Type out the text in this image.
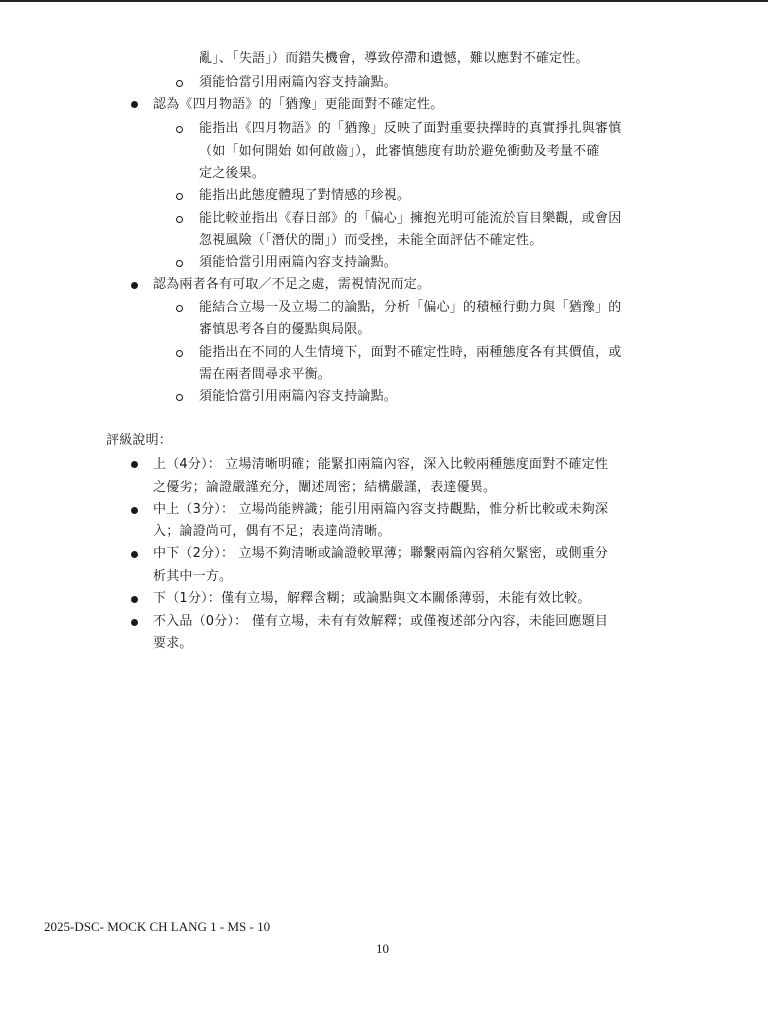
亂」、「失語」）而錯失機會，導致停滯和遺憾，難以應對不確定性。
須能恰當引用兩篇內容支持論點。
認為《四月物語》的「猶豫」更能面對不確定性。
能指出《四月物語》的「猶豫」反映了面對重要抉擇時的真實掙扎與審慎
（如「如何開始 如何啟齒」），此審慎態度有助於避免衝動及考量不確
定之後果。
能指出此態度體現了對情感的珍視。
能比較並指出《春日部》的「偏心」擁抱光明可能流於盲目樂觀，或會因
忽視風險（「潛伏的闇」）而受挫，未能全面評估不確定性。
須能恰當引用兩篇內容支持論點。
認為兩者各有可取／不足之處，需視情況而定。
能結合立場一及立場二的論點，分析「偏心」的積極行動力與「猶豫」的
審慎思考各自的優點與局限。
能指出在不同的人生情境下，面對不確定性時，兩種態度各有其價值，或
需在兩者間尋求平衡。
須能恰當引用兩篇內容支持論點。
評級說明：
上（4分）： 立場清晰明確；能緊扣兩篇內容，深入比較兩種態度面對不確定性
之優劣；論證嚴謹充分，闡述周密；結構嚴謹，表達優異。
中上（3分）： 立場尚能辨識；能引用兩篇內容支持觀點，惟分析比較或未夠深
入；論證尚可，偶有不足；表達尚清晰。
中下（2分）： 立場不夠清晰或論證較單薄；聯繫兩篇內容稍欠緊密，或側重分
析其中一方。
下（1分）：僅有立場，解釋含糊；或論點與文本關係薄弱，未能有效比較。
不入品（0分）： 僅有立場，未有有效解釋；或僅複述部分內容，未能回應題目
要求。
2025-DSC- MOCK CH LANG 1 - MS - 10
10
